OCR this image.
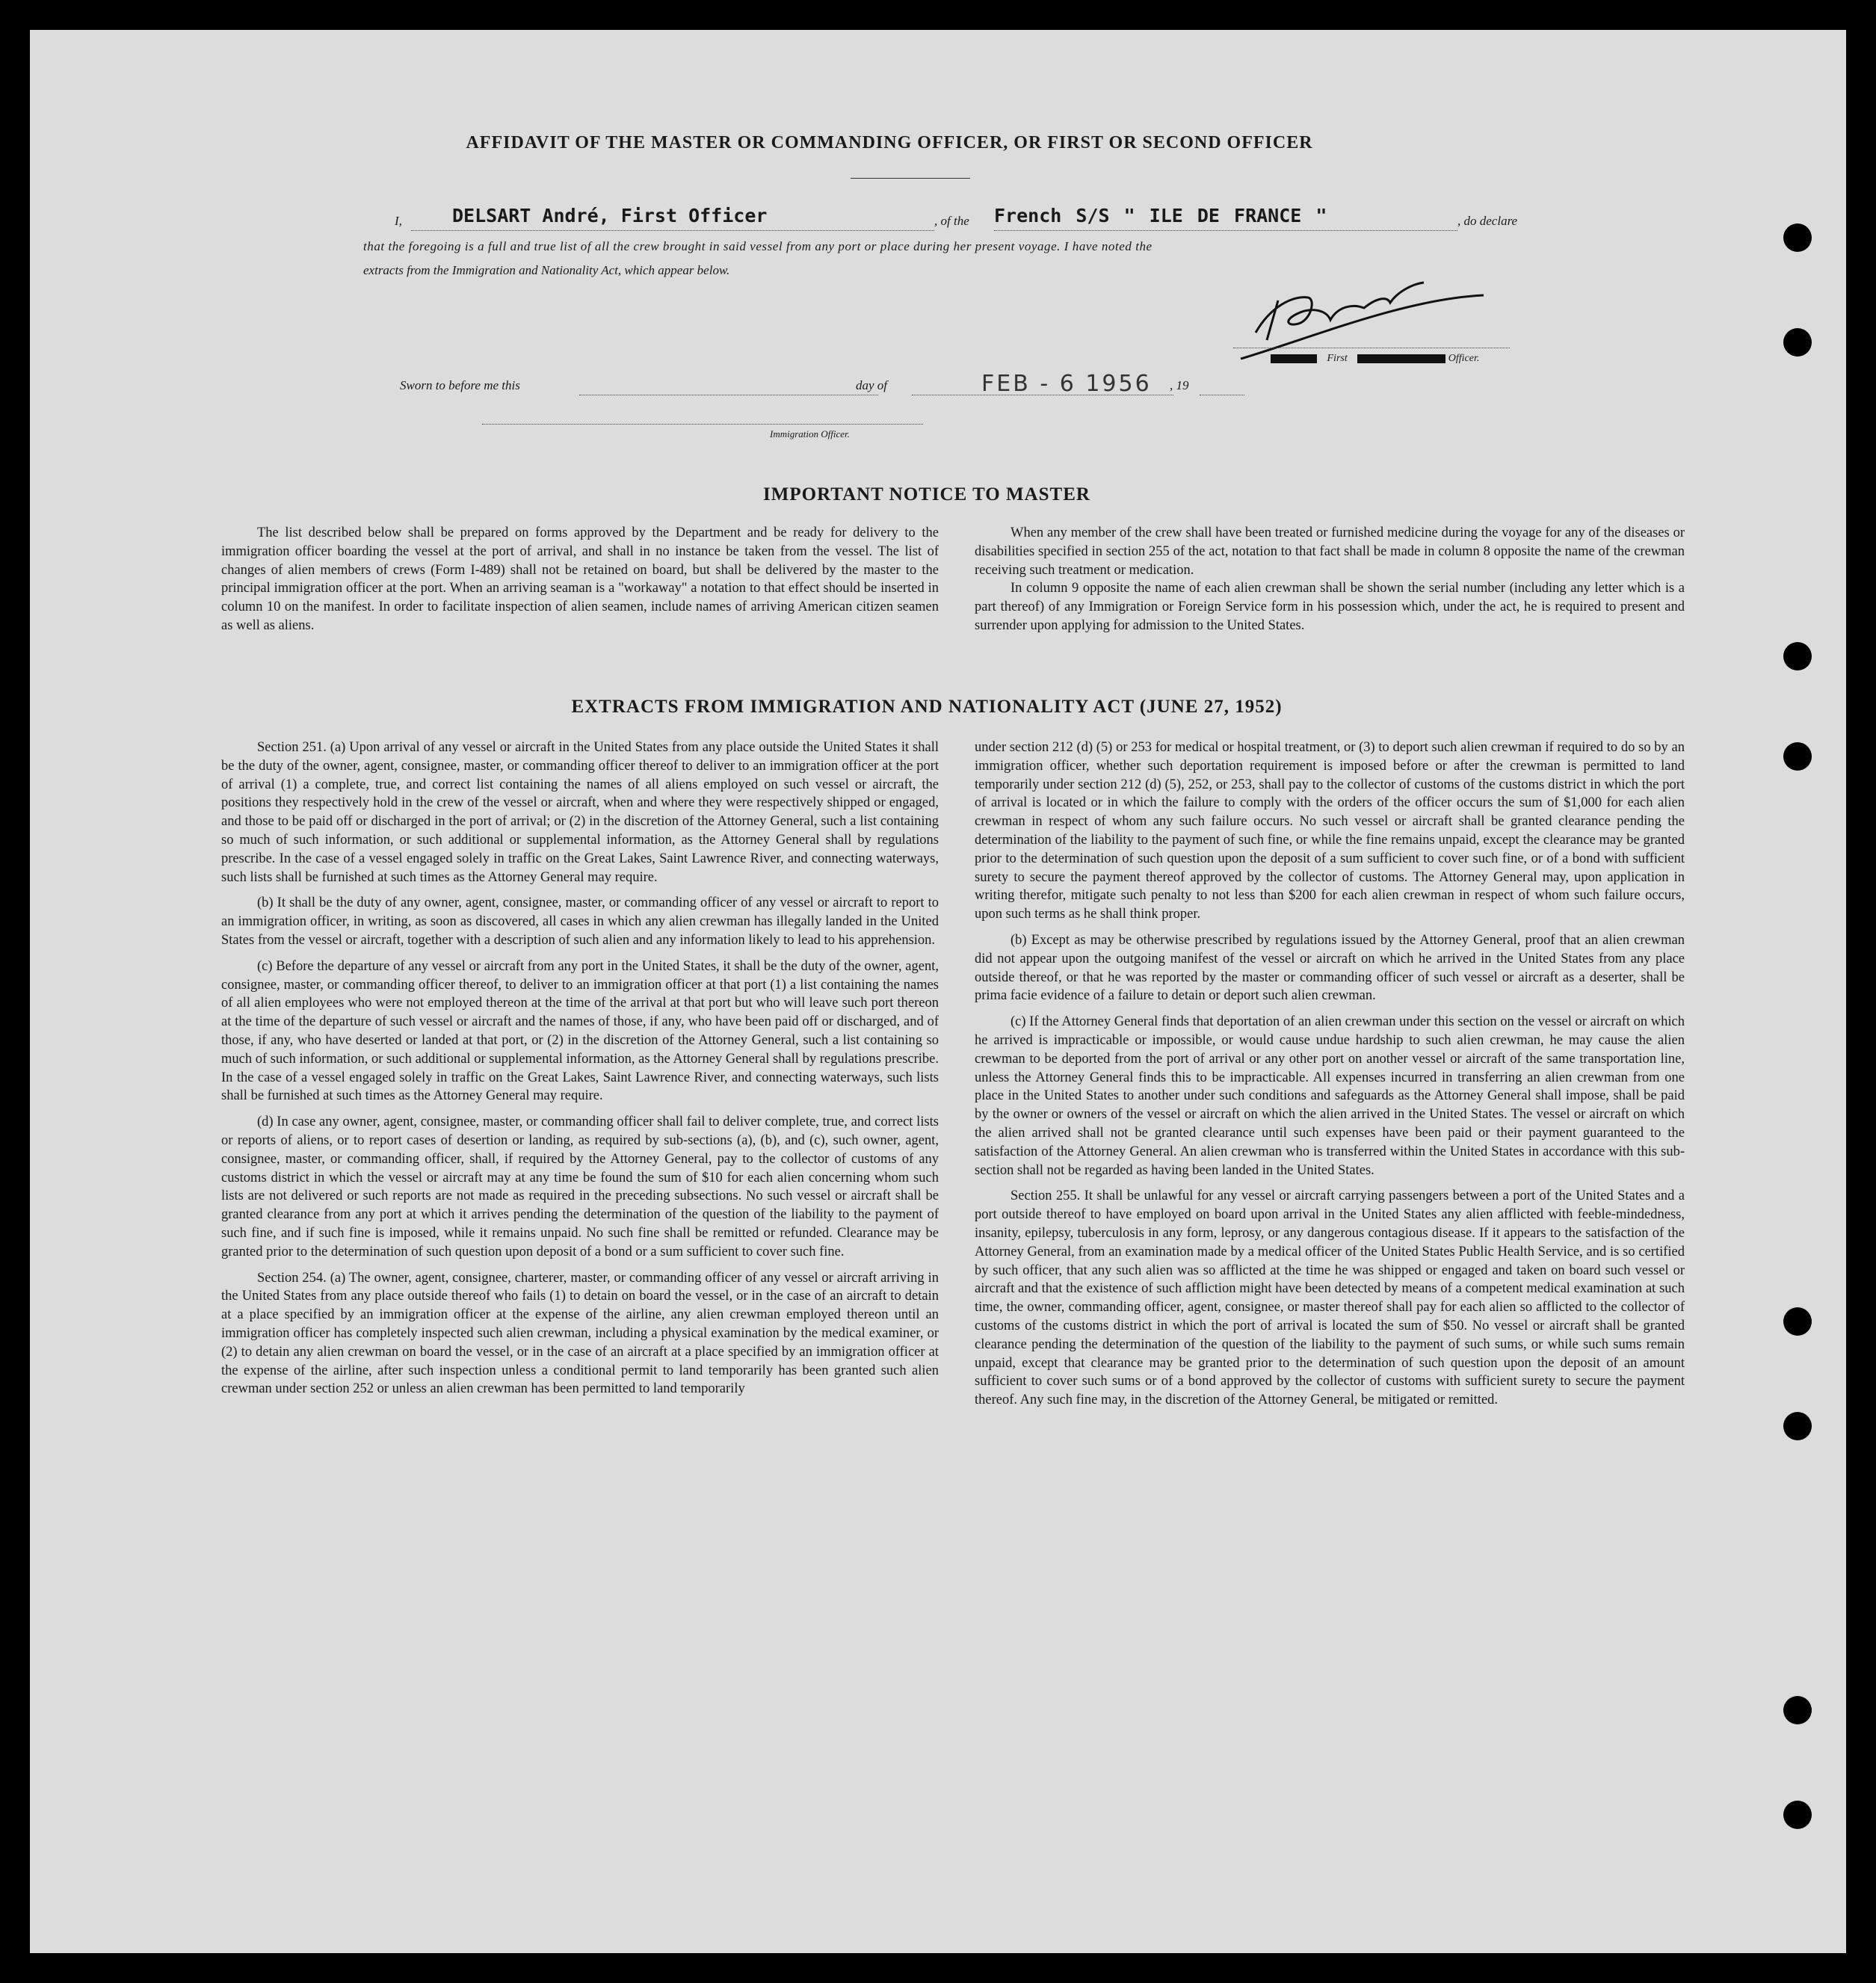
AFFIDAVIT OF THE MASTER OR COMMANDING OFFICER, OR FIRST OR SECOND OFFICER
I,	DELSART André, First Officer	, of the French S/S " ILE DE FRANCE "	, do declare
that the foregoing is a full and true list of all the crew brought in said vessel from any port or place during her present voyage. I have noted the
extracts from the Immigration and Nationality Act, which appear below.
First	Officer.
Sworn to before me this	day of	FEB - 6 1956 , 19
Immigration Officer.
IMPORTANT NOTICE TO MASTER

The list described below shall be prepared on forms approved by the Department and be ready for delivery to the immigration officer boarding the vessel at the port of arrival, and shall in no instance be taken from the vessel. The list of changes of alien members of crews (Form I-489) shall not be retained on board, but shall be delivered by the master to the principal immigration officer at the port. When an arriving seaman is a "workaway" a notation to that effect should be inserted in column 10 on the manifest. In order to facilitate inspection of alien seamen, include names of arriving American citizen seamen as well as aliens.

When any member of the crew shall have been treated or furnished medicine during the voyage for any of the diseases or disabilities specified in section 255 of the act, notation to that fact shall be made in column 8 opposite the name of the crewman receiving such treatment or medication.

In column 9 opposite the name of each alien crewman shall be shown the serial number (including any letter which is a part thereof) of any Immigration or Foreign Service form in his possession which, under the act, he is required to present and surrender upon applying for admission to the United States.

EXTRACTS FROM IMMIGRATION AND NATIONALITY ACT (JUNE 27, 1952)

Section 251. (a) Upon arrival of any vessel or aircraft in the United States from any place outside the United States it shall be the duty of the owner, agent, consignee, master, or commanding officer thereof to deliver to an immigration officer at the port of arrival (1) a complete, true, and correct list containing the names of all aliens employed on such vessel or aircraft, the positions they respectively hold in the crew of the vessel or aircraft, when and where they were respectively shipped or engaged, and those to be paid off or discharged in the port of arrival; or (2) in the discretion of the Attorney General, such a list containing so much of such information, or such additional or supplemental information, as the Attorney General shall by regulations prescribe. In the case of a vessel engaged solely in traffic on the Great Lakes, Saint Lawrence River, and connecting waterways, such lists shall be furnished at such times as the Attorney General may require.

(b) It shall be the duty of any owner, agent, consignee, master, or commanding officer of any vessel or aircraft to report to an immigration officer, in writing, as soon as discovered, all cases in which any alien crewman has illegally landed in the United States from the vessel or aircraft, together with a description of such alien and any information likely to lead to his apprehension.

(c) Before the departure of any vessel or aircraft from any port in the United States, it shall be the duty of the owner, agent, consignee, master, or commanding officer thereof, to deliver to an immigration officer at that port (1) a list containing the names of all alien employees who were not employed thereon at the time of the arrival at that port but who will leave such port thereon at the time of the departure of such vessel or aircraft and the names of those, if any, who have been paid off or discharged, and of those, if any, who have deserted or landed at that port, or (2) in the discretion of the Attorney General, such a list containing so much of such information, or such additional or supplemental information, as the Attorney General shall by regulations prescribe. In the case of a vessel engaged solely in traffic on the Great Lakes, Saint Lawrence River, and connecting waterways, such lists shall be furnished at such times as the Attorney General may require.

(d) In case any owner, agent, consignee, master, or commanding officer shall fail to deliver complete, true, and correct lists or reports of aliens, or to report cases of desertion or landing, as required by sub-sections (a), (b), and (c), such owner, agent, consignee, master, or commanding officer, shall, if required by the Attorney General, pay to the collector of customs of any customs district in which the vessel or aircraft may at any time be found the sum of $10 for each alien concerning whom such lists are not delivered or such reports are not made as required in the preceding subsections. No such vessel or aircraft shall be granted clearance from any port at which it arrives pending the determination of the question of the liability to the payment of such fine, and if such fine is imposed, while it remains unpaid. No such fine shall be remitted or refunded. Clearance may be granted prior to the determination of such question upon deposit of a bond or a sum sufficient to cover such fine.

Section 254. (a) The owner, agent, consignee, charterer, master, or commanding officer of any vessel or aircraft arriving in the United States from any place outside thereof who fails (1) to detain on board the vessel, or in the case of an aircraft to detain at a place specified by an immigration officer at the expense of the airline, any alien crewman employed thereon until an immigration officer has completely inspected such alien crewman, including a physical examination by the medical examiner, or (2) to detain any alien crewman on board the vessel, or in the case of an aircraft at a place specified by an immigration officer at the expense of the airline, after such inspection unless a conditional permit to land temporarily has been granted such alien crewman under section 252 or unless an alien crewman has been permitted to land temporarily

under section 212 (d) (5) or 253 for medical or hospital treatment, or (3) to deport such alien crewman if required to do so by an immigration officer, whether such deportation requirement is imposed before or after the crewman is permitted to land temporarily under section 212 (d) (5), 252, or 253, shall pay to the collector of customs of the customs district in which the port of arrival is located or in which the failure to comply with the orders of the officer occurs the sum of $1,000 for each alien crewman in respect of whom any such failure occurs. No such vessel or aircraft shall be granted clearance pending the determination of the liability to the payment of such fine, or while the fine remains unpaid, except the clearance may be granted prior to the determination of such question upon the deposit of a sum sufficient to cover such fine, or of a bond with sufficient surety to secure the payment thereof approved by the collector of customs. The Attorney General may, upon application in writing therefor, mitigate such penalty to not less than $200 for each alien crewman in respect of whom such failure occurs, upon such terms as he shall think proper.

(b) Except as may be otherwise prescribed by regulations issued by the Attorney General, proof that an alien crewman did not appear upon the outgoing manifest of the vessel or aircraft on which he arrived in the United States from any place outside thereof, or that he was reported by the master or commanding officer of such vessel or aircraft as a deserter, shall be prima facie evidence of a failure to detain or deport such alien crewman.

(c) If the Attorney General finds that deportation of an alien crewman under this section on the vessel or aircraft on which he arrived is impracticable or impossible, or would cause undue hardship to such alien crewman, he may cause the alien crewman to be deported from the port of arrival or any other port on another vessel or aircraft of the same transportation line, unless the Attorney General finds this to be impracticable. All expenses incurred in transferring an alien crewman from one place in the United States to another under such conditions and safeguards as the Attorney General shall impose, shall be paid by the owner or owners of the vessel or aircraft on which the alien arrived in the United States. The vessel or aircraft on which the alien arrived shall not be granted clearance until such expenses have been paid or their payment guaranteed to the satisfaction of the Attorney General. An alien crewman who is transferred within the United States in accordance with this sub-section shall not be regarded as having been landed in the United States.

Section 255. It shall be unlawful for any vessel or aircraft carrying passengers between a port of the United States and a port outside thereof to have employed on board upon arrival in the United States any alien afflicted with feeble-mindedness, insanity, epilepsy, tuberculosis in any form, leprosy, or any dangerous contagious disease. If it appears to the satisfaction of the Attorney General, from an examination made by a medical officer of the United States Public Health Service, and is so certified by such officer, that any such alien was so afflicted at the time he was shipped or engaged and taken on board such vessel or aircraft and that the existence of such affliction might have been detected by means of a competent medical examination at such time, the owner, commanding officer, agent, consignee, or master thereof shall pay for each alien so afflicted to the collector of customs of the customs district in which the port of arrival is located the sum of $50. No vessel or aircraft shall be granted clearance pending the determination of the question of the liability to the payment of such sums, or while such sums remain unpaid, except that clearance may be granted prior to the determination of such question upon the deposit of an amount sufficient to cover such sums or of a bond approved by the collector of customs with sufficient surety to secure the payment thereof. Any such fine may, in the discretion of the Attorney General, be mitigated or remitted.
